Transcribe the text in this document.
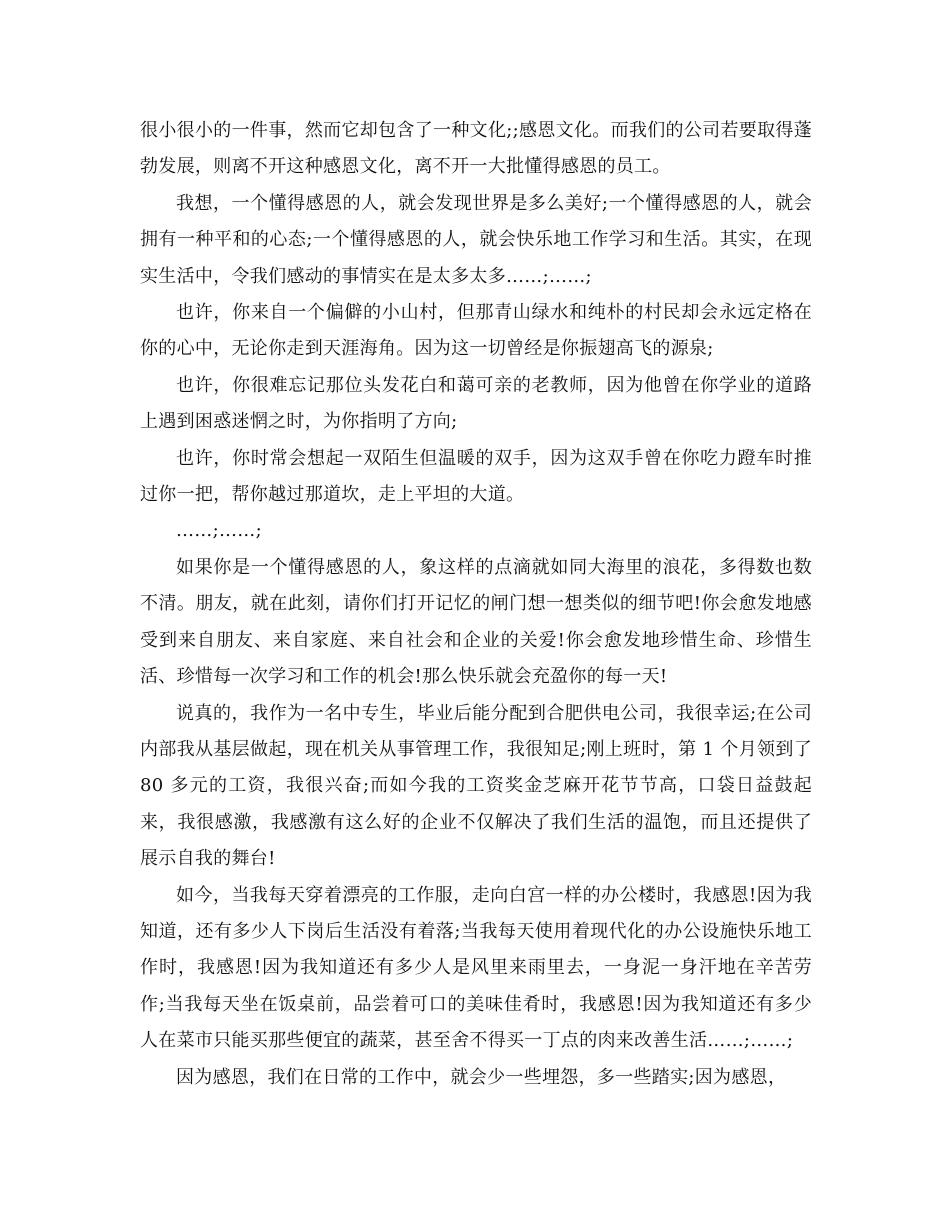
很小很小的一件事，然而它却包含了一种文化;;感恩文化。而我们的公司若要取得蓬勃发展，则离不开这种感恩文化，离不开一大批懂得感恩的员工。

我想，一个懂得感恩的人，就会发现世界是多么美好;一个懂得感恩的人，就会拥有一种平和的心态;一个懂得感恩的人，就会快乐地工作学习和生活。其实，在现实生活中，令我们感动的事情实在是太多太多……;……;

也许，你来自一个偏僻的小山村，但那青山绿水和纯朴的村民却会永远定格在你的心中，无论你走到天涯海角。因为这一切曾经是你振翅高飞的源泉;

也许，你很难忘记那位头发花白和蔼可亲的老教师，因为他曾在你学业的道路上遇到困惑迷惘之时，为你指明了方向;

也许，你时常会想起一双陌生但温暖的双手，因为这双手曾在你吃力蹬车时推过你一把，帮你越过那道坎，走上平坦的大道。

……;……;

如果你是一个懂得感恩的人，象这样的点滴就如同大海里的浪花，多得数也数不清。朋友，就在此刻，请你们打开记忆的闸门想一想类似的细节吧!你会愈发地感受到来自朋友、来自家庭、来自社会和企业的关爱!你会愈发地珍惜生命、珍惜生活、珍惜每一次学习和工作的机会!那么快乐就会充盈你的每一天!

说真的，我作为一名中专生，毕业后能分配到合肥供电公司，我很幸运;在公司内部我从基层做起，现在机关从事管理工作，我很知足;刚上班时，第 1 个月领到了 80 多元的工资，我很兴奋;而如今我的工资奖金芝麻开花节节高，口袋日益鼓起来，我很感激，我感激有这么好的企业不仅解决了我们生活的温饱，而且还提供了展示自我的舞台!

如今，当我每天穿着漂亮的工作服，走向白宫一样的办公楼时，我感恩!因为我知道，还有多少人下岗后生活没有着落;当我每天使用着现代化的办公设施快乐地工作时，我感恩!因为我知道还有多少人是风里来雨里去，一身泥一身汗地在辛苦劳作;当我每天坐在饭桌前，品尝着可口的美味佳肴时，我感恩!因为我知道还有多少人在菜市只能买那些便宜的蔬菜，甚至舍不得买一丁点的肉来改善生活……;……;

因为感恩，我们在日常的工作中，就会少一些埋怨，多一些踏实;因为感恩，
